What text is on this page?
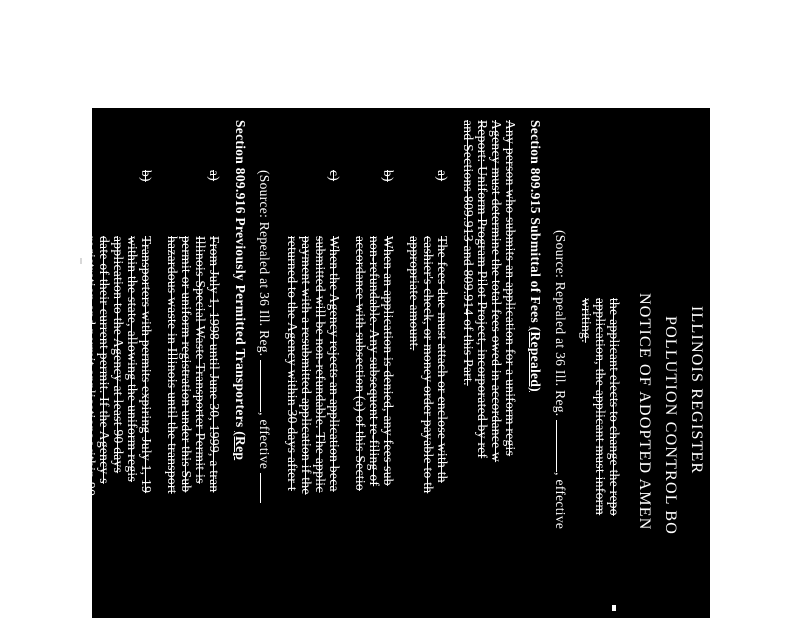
ILLINOIS REGISTER
POLLUTION CONTROL BO
NOTICE OF ADOPTED AMEN
the applicant elects to change the repo
application, the applicant must inform
writing.
(Source: Repealed at 36 Ill. Reg. , effective
Section 809.915 Submittal of Fees (Repealed)
Any person who submits an application for a uniform regis
Agency must determine the total fees owed in accordance w
Report: Uniform Program Pilot Project, incorporated by ref
and Sections 809.913 and 809.914 of this Part.
a)
The fees due must attach or enclose with th
cashier's check, or money order payable to th
appropriate amount.
b)
When an application is denied, any fees sub
non-refundable. Any subsequent re-filing of
accordance with subsection (a) of this Sectio
c)
When the Agency rejects an application beca
submitted will be non-refundable. The applic
payment with a resubmitted application if the
returned to the Agency within 30 days after t
(Source: Repealed at 36 Ill. Reg. , effective
Section 809.916 Previously Permitted Transporters (Rep
a)
From July 1, 1998 until June 30, 1999, a tran
Illinois Special Waste Transporter Permit is
permit or uniform registration under this Sub
hazardous waste in Illinois until the transport
b)
Transporters with permits expiring July 1, 19
within the state, allowing the uniform regis
application to the Agency at least 90 days
date of their current permit. If the Agency s
registration and permit applications within 90
